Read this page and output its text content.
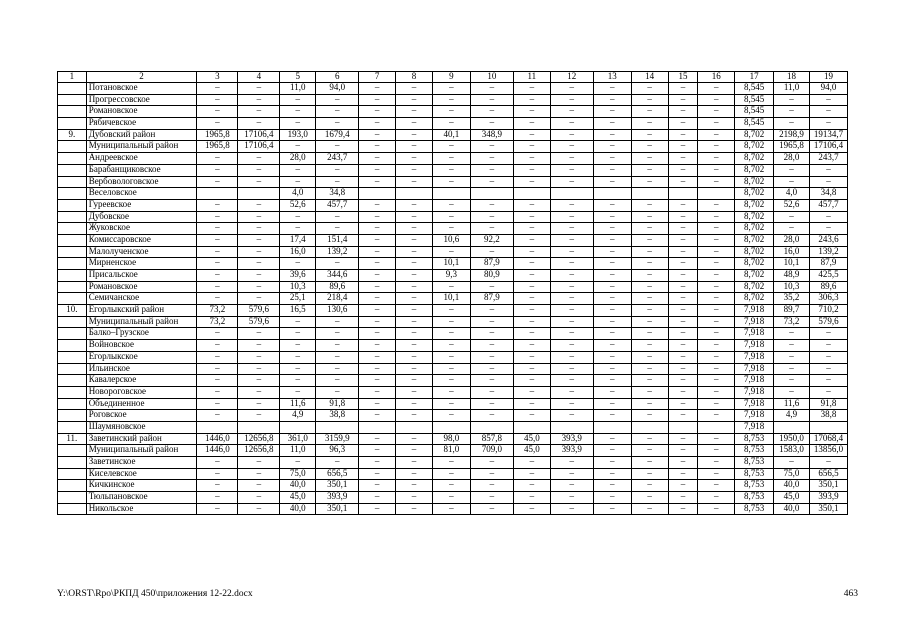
1	2	3	4	5	6	7	8	9	10	11	12	13	14	15	16	17	18	19
	Потановское	–	–	11,0	94,0	–	–	–	–	–	–	–	–	–	–	8,545	11,0	94,0
	Прогрессовское	–	–	–	–	–	–	–	–	–	–	–	–	–	–	8,545	–	–
	Романовское	–	–	–	–	–	–	–	–	–	–	–	–	–	–	8,545	–	–
	Рябичевское	–	–	–	–	–	–	–	–	–	–	–	–	–	–	8,545	–	–
9.	Дубовский район	1965,8	17106,4	193,0	1679,4	–	–	40,1	348,9	–	–	–	–	–	–	8,702	2198,9	19134,7
	Муниципальный район	1965,8	17106,4	–	–	–	–	–	–	–	–	–	–	–	–	8,702	1965,8	17106,4
	Андреевское	–	–	28,0	243,7	–	–	–	–	–	–	–	–	–	–	8,702	28,0	243,7
	Барабанщиковское	–	–	–	–	–	–	–	–	–	–	–	–	–	–	8,702	–	–
	Вербовологовское	–	–	–	–	–	–	–	–	–	–	–	–	–	–	8,702	–	–
	Веселовское			4,0	34,8											8,702	4,0	34,8
	Гуреевское	–	–	52,6	457,7	–	–	–	–	–	–	–	–	–	–	8,702	52,6	457,7
	Дубовское	–	–	–	–	–	–	–	–	–	–	–	–	–	–	8,702	–	–
	Жуковское	–	–	–	–	–	–	–	–	–	–	–	–	–	–	8,702	–	–
	Комиссаровское	–	–	17,4	151,4	–	–	10,6	92,2	–	–	–	–	–	–	8,702	28,0	243,6
	Малолученское	–	–	16,0	139,2	–	–	–	–	–	–	–	–	–	–	8,702	16,0	139,2
	Мирненское	–	–	–	–	–	–	10,1	87,9	–	–	–	–	–	–	8,702	10,1	87,9
	Присальское	–	–	39,6	344,6	–	–	9,3	80,9	–	–	–	–	–	–	8,702	48,9	425,5
	Романовское	–	–	10,3	89,6	–	–	–	–	–	–	–	–	–	–	8,702	10,3	89,6
	Семичанское	–	–	25,1	218,4	–	–	10,1	87,9	–	–	–	–	–	–	8,702	35,2	306,3
10.	Егорлыкский район	73,2	579,6	16,5	130,6	–	–	–	–	–	–	–	–	–	–	7,918	89,7	710,2
	Муниципальный район	73,2	579,6	–	–	–	–	–	–	–	–	–	–	–	–	7,918	73,2	579,6
	Балко–Грузское	–	–	–	–	–	–	–	–	–	–	–	–	–	–	7,918	–	–
	Войновское	–	–	–	–	–	–	–	–	–	–	–	–	–	–	7,918	–	–
	Егорлыкское	–	–	–	–	–	–	–	–	–	–	–	–	–	–	7,918	–	–
	Ильинское	–	–	–	–	–	–	–	–	–	–	–	–	–	–	7,918	–	–
	Кавалерское	–	–	–	–	–	–	–	–	–	–	–	–	–	–	7,918	–	–
	Новороговское	–	–	–	–	–	–	–	–	–	–	–	–	–	–	7,918	–	–
	Объединенное	–	–	11,6	91,8	–	–	–	–	–	–	–	–	–	–	7,918	11,6	91,8
	Роговское	–	–	4,9	38,8	–	–	–	–	–	–	–	–	–	–	7,918	4,9	38,8
	Шаумяновское															7,918		
11.	Заветинский район	1446,0	12656,8	361,0	3159,9	–	–	98,0	857,8	45,0	393,9	–	–	–	–	8,753	1950,0	17068,4
	Муниципальный район	1446,0	12656,8	11,0	96,3	–	–	81,0	709,0	45,0	393,9	–	–	–	–	8,753	1583,0	13856,0
	Заветинское	–	–	–	–	–	–	–	–	–	–	–	–	–	–	8,753	–	–
	Киселевское	–	–	75,0	656,5	–	–	–	–	–	–	–	–	–	–	8,753	75,0	656,5
	Кичкинское	–	–	40,0	350,1	–	–	–	–	–	–	–	–	–	–	8,753	40,0	350,1
	Тюльпановское	–	–	45,0	393,9	–	–	–	–	–	–	–	–	–	–	8,753	45,0	393,9
	Никольское	–	–	40,0	350,1	–	–	–	–	–	–	–	–	–	–	8,753	40,0	350,1
Y:\ORST\Rpo\РКПД 450\приложения 12-22.docx	463
